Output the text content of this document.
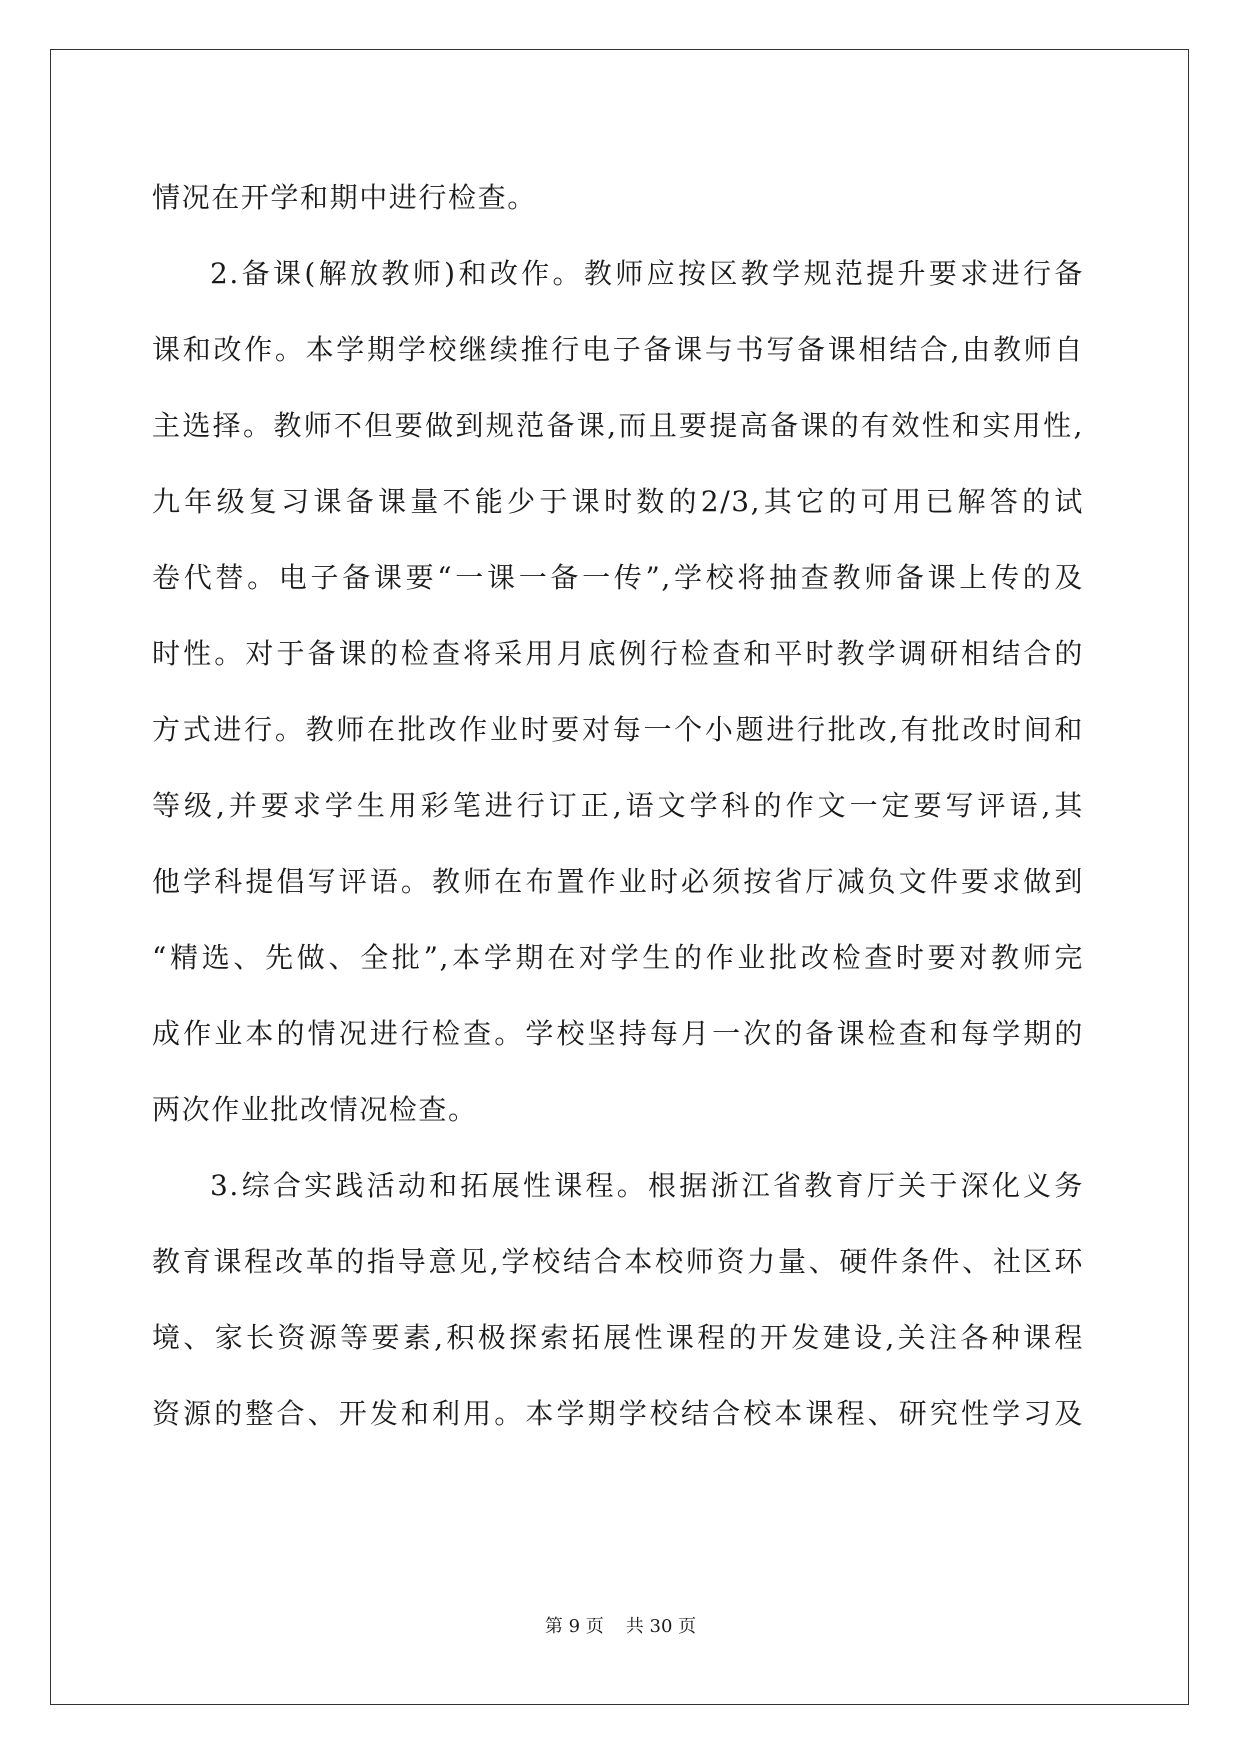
情况在开学和期中进行检查。
2.备课(解放教师)和改作。教师应按区教学规范提升要求进行备
课和改作。本学期学校继续推行电子备课与书写备课相结合,由教师自
主选择。教师不但要做到规范备课,而且要提高备课的有效性和实用性,
九年级复习课备课量不能少于课时数的2/3,其它的可用已解答的试
卷代替。电子备课要“一课一备一传”,学校将抽查教师备课上传的及
时性。对于备课的检查将采用月底例行检查和平时教学调研相结合的
方式进行。教师在批改作业时要对每一个小题进行批改,有批改时间和
等级,并要求学生用彩笔进行订正,语文学科的作文一定要写评语,其
他学科提倡写评语。教师在布置作业时必须按省厅减负文件要求做到
“精选、先做、全批”,本学期在对学生的作业批改检查时要对教师完
成作业本的情况进行检查。学校坚持每月一次的备课检查和每学期的
两次作业批改情况检查。
3.综合实践活动和拓展性课程。根据浙江省教育厅关于深化义务
教育课程改革的指导意见,学校结合本校师资力量、硬件条件、社区环
境、家长资源等要素,积极探索拓展性课程的开发建设,关注各种课程
资源的整合、开发和利用。本学期学校结合校本课程、研究性学习及
第 9 页 共 30 页
